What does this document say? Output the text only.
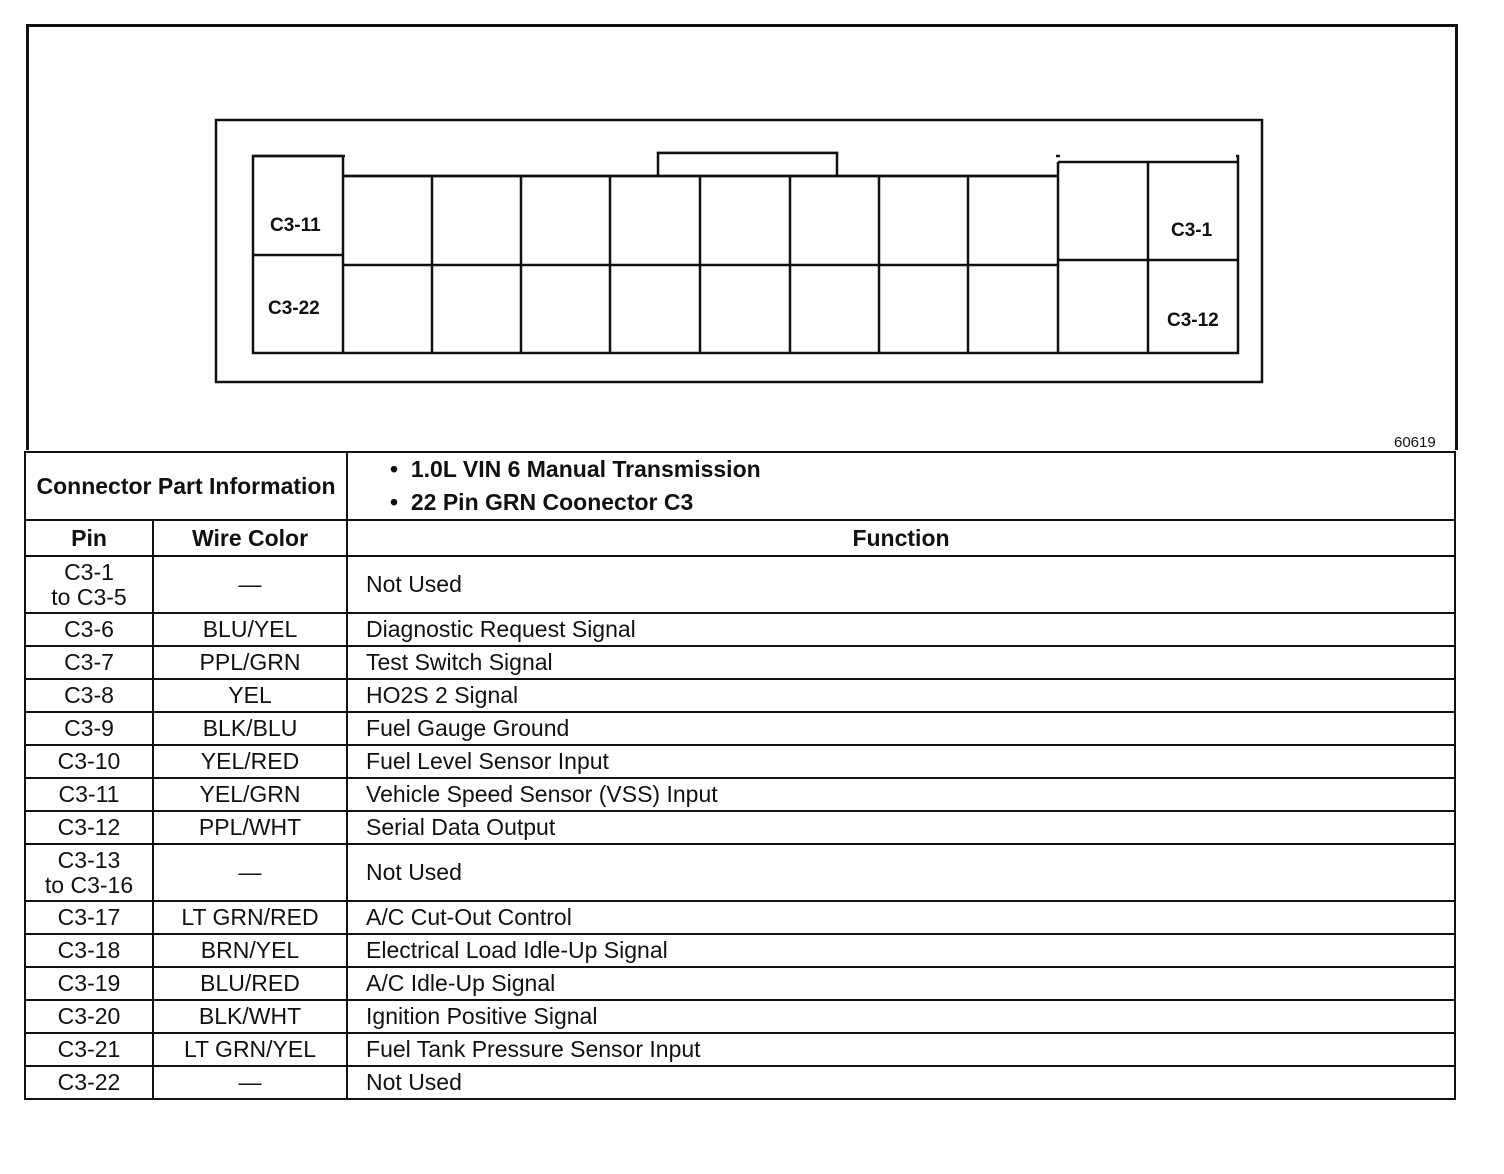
C3-11
C3-22
C3-1
C3-12
60619
Connector Part Information		• 1.0L VIN 6 Manual Transmission
• 22 Pin GRN Coonector C3

Pin	Wire Color	Function

C3-1
to C3-5	—	Not Used

C3-6	BLU/YEL	Diagnostic Request Signal

C3-7	PPL/GRN	Test Switch Signal

C3-8	YEL	HO2S 2 Signal

C3-9	BLK/BLU	Fuel Gauge Ground

C3-10	YEL/RED	Fuel Level Sensor Input

C3-11	YEL/GRN	Vehicle Speed Sensor (VSS) Input

C3-12	PPL/WHT	Serial Data Output

C3-13
to C3-16	—	Not Used

C3-17	LT GRN/RED	A/C Cut-Out Control

C3-18	BRN/YEL	Electrical Load Idle-Up Signal

C3-19	BLU/RED	A/C Idle-Up Signal

C3-20	BLK/WHT	Ignition Positive Signal

C3-21	LT GRN/YEL	Fuel Tank Pressure Sensor Input

C3-22	—	Not Used
